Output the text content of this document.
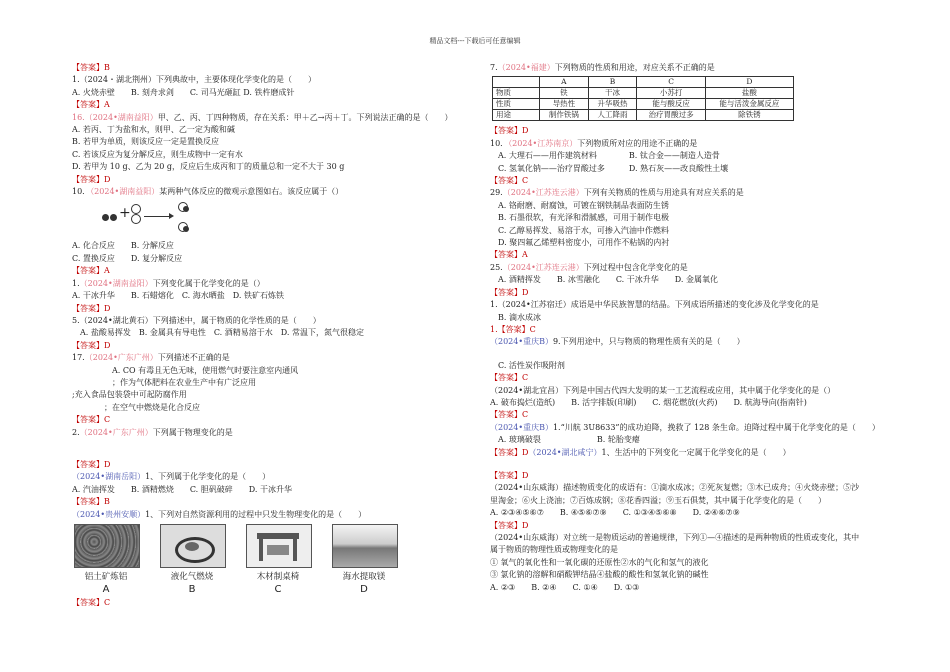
精品文档---下载后可任意编辑
【答案】B
1.（2024・湖北荆州）下列典故中，主要体现化学变化的是（　　）
A. 火烧赤壁　　B. 刻舟求剑　　C. 司马光砸缸 D. 铁杵磨成针
【答案】A
16.（2024•湖南益阳）甲、乙、丙、丁四种物质，存在关系：甲＋乙→丙＋丁。下列说法正确的是（　　）
A. 若丙、丁为盐和水，则甲、乙一定为酸和碱
B. 若甲为单质，则该反应一定是置换反应
C. 若该反应为复分解反应，则生成物中一定有水
D. 若甲为 10 g、乙为 20 g，反应后生成丙和丁的质量总和一定不大于 30 g
【答案】D
10．（2024•湖南益阳）某两种气体反应的微观示意图如右。该反应属于（）
+
A. 化合反应　　B. 分解反应
C. 置换反应　　D. 复分解反应
【答案】A
1.（2024•湖南益阳）下列变化属于化学变化的是（）
A. 干冰升华　　B. 石蜡熔化　C. 海水晒盐　D. 铁矿石炼铁
【答案】D
5.（2024•湖北黄石）下列描述中，属于物质的化学性质的是（　　）
　A. 盐酸易挥发　B. 金属具有导电性　C. 酒精易溶于水　D. 常温下，氮气很稳定
【答案】D
17.（2024•广东广州）下列描述不正确的是
　　　　　A. CO 有毒且无色无味，使用燃气时要注意室内通风
　　　　　；作为气体肥料在农业生产中有广泛应用
;充入食品包装袋中可起防腐作用
　　　　；在空气中燃烧是化合反应
【答案】C
2.（2024•广东广州）下列属于物理变化的是
【答案】D
（2024•湖南岳阳）1、下列属于化学变化的是（　　）
A. 汽油挥发　　B. 酒精燃烧　　C. 胆矾破碎　　D. 干冰升华
【答案】B
（2024•贵州安顺）1、下列对自然资源利用的过程中只发生物理变化的是（　　）
铝土矿炼铝
A
液化气燃烧
B
木材制桌椅
C
海水提取镁
D
【答案】C
7.（2024•福建）下列物质的性质和用途，对应关系不正确的是
	A	B	C	D
物质	铁	干冰	小苏打	盐酸
性质	导热性	升华吸热	能与酸反应	能与活泼金属反应
用途	制作铁锅	人工降雨	治疗胃酸过多	除铁锈
【答案】D
10．（2024•江苏南京）下列物质所对应的用途不正确的是
　A. 大理石——用作建筑材料　　　　B. 钛合金——制造人造骨
　C. 氢氧化钠——治疗胃酸过多　　　D. 熟石灰——改良酸性土壤
【答案】C
29.（2024•江苏连云港）下列有关物质的性质与用途具有对应关系的是
　A. 铬耐磨、耐腐蚀，可镀在钢铁制品表面防生锈
　B. 石墨很软，有光泽和滑腻感，可用于制作电极
　C. 乙醇易挥发、易溶于水，可掺入汽油中作燃料
　D. 聚四氟乙烯塑料密度小，可用作不粘锅的内衬
【答案】A
25.（2024•江苏连云港）下列过程中包含化学变化的是
　A. 酒精挥发　　B. 冰雪融化　　C. 干冰升华　　D. 金属氧化
【答案】D
1.（2024•江苏宿迁）成语是中华民族智慧的结晶。下列成语所描述的变化涉及化学变化的是
　B. 滴水成冰
1.【答案】C
（2024•重庆B）9.下列用途中，只与物质的物理性质有关的是（　　）
　C. 活性炭作吸附剂
【答案】C
（2024•湖北宜昌）下列是中国古代四大发明的某一工艺流程或应用，其中属于化学变化的是（）
A. 破布捣烂(造纸)　　B. 活字排版(印刷)　　C. 烟花燃放(火药)　　D. 航海导向(指南针)
【答案】C
（2024•重庆B）1.“川航 3U8633”的成功迫降，挽救了 128 条生命。迫降过程中属于化学变化的是（　　）
　A. 玻璃破裂　　　　　　　B. 轮胎变瘪
【答案】D（2024•湖北咸宁）1、生活中的下列变化一定属于化学变化的是（　　）
【答案】D
（2024•山东威海）描述物质变化的成语有：①滴水成冰；②死灰复燃；③木已成舟；④火烧赤壁；⑤沙
里淘金；⑥火上浇油；⑦百炼成钢；⑧花香四溢；⑨玉石俱焚，其中属于化学变化的是（　　）
A. ②③④⑤⑥⑦　　B. ④⑤⑥⑦⑨　　C. ①③④⑤⑥⑧　　D. ②④⑥⑦⑨
【答案】D
（2024•山东威海）对立统一是物质运动的普遍规律，下列①—④描述的是两种物质的性质或变化，其中
属于物质的物理性质或物理变化的是
① 氧气的氧化性和一氧化碳的还原性②水的气化和氢气的液化
③ 氯化钠的溶解和硝酸钾结晶④盐酸的酸性和氢氧化钠的碱性
A. ②③　　B. ②④　　C. ①④　　D. ①③
